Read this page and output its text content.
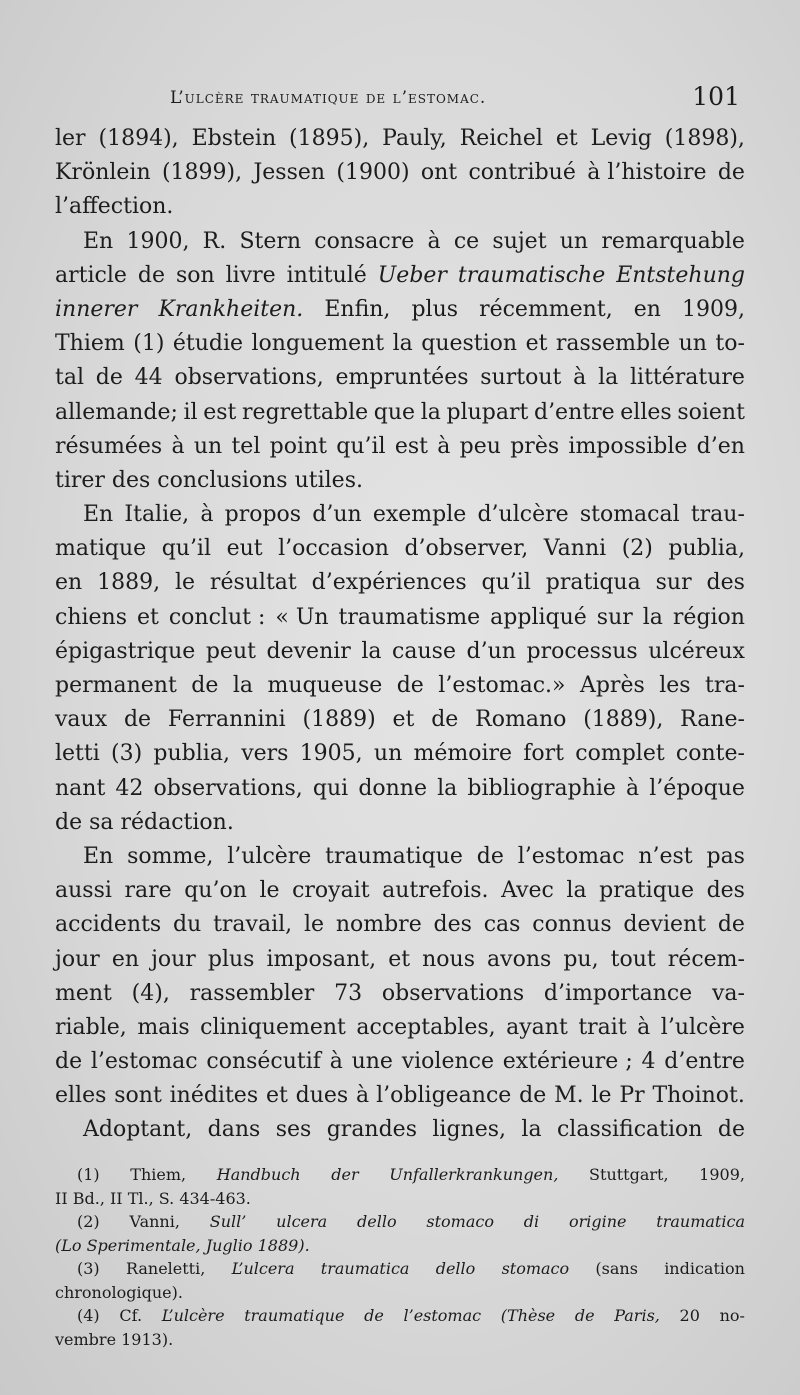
L’ulcère traumatique de l’estomac.	101
ler (1894), Ebstein (1895), Pauly, Reichel et Levig (1898),
Krönlein (1899), Jessen (1900) ont contribué à l’histoire de
l’affection.
En 1900, R. Stern consacre à ce sujet un remarquable
article de son livre intitulé Ueber traumatische Entstehung
innerer Krankheiten. Enfin, plus récemment, en 1909,
Thiem (1) étudie longuement la question et rassemble un to-
tal de 44 observations, empruntées surtout à la littérature
allemande; il est regrettable que la plupart d’entre elles soient
résumées à un tel point qu’il est à peu près impossible d’en
tirer des conclusions utiles.
En Italie, à propos d’un exemple d’ulcère stomacal trau-
matique qu’il eut l’occasion d’observer, Vanni (2) publia,
en 1889, le résultat d’expériences qu’il pratiqua sur des
chiens et conclut : « Un traumatisme appliqué sur la région
épigastrique peut devenir la cause d’un processus ulcéreux
permanent de la muqueuse de l’estomac.» Après les tra-
vaux de Ferrannini (1889) et de Romano (1889), Rane-
letti (3) publia, vers 1905, un mémoire fort complet conte-
nant 42 observations, qui donne la bibliographie à l’époque
de sa rédaction.
En somme, l’ulcère traumatique de l’estomac n’est pas
aussi rare qu’on le croyait autrefois. Avec la pratique des
accidents du travail, le nombre des cas connus devient de
jour en jour plus imposant, et nous avons pu, tout récem-
ment (4), rassembler 73 observations d’importance va-
riable, mais cliniquement acceptables, ayant trait à l’ulcère
de l’estomac consécutif à une violence extérieure ; 4 d’entre
elles sont inédites et dues à l’obligeance de M. le Pr Thoinot.
Adoptant, dans ses grandes lignes, la classification de
(1) Thiem, Handbuch der Unfallerkrankungen, Stuttgart, 1909,
II Bd., II Tl., S. 434-463.
(2) Vanni, Sull’ ulcera dello stomaco di origine traumatica
(Lo Sperimentale, Juglio 1889).
(3) Raneletti, L’ulcera traumatica dello stomaco (sans indication
chronologique).
(4) Cf. L’ulcère traumatique de l’estomac (Thèse de Paris, 20 no-
vembre 1913).
